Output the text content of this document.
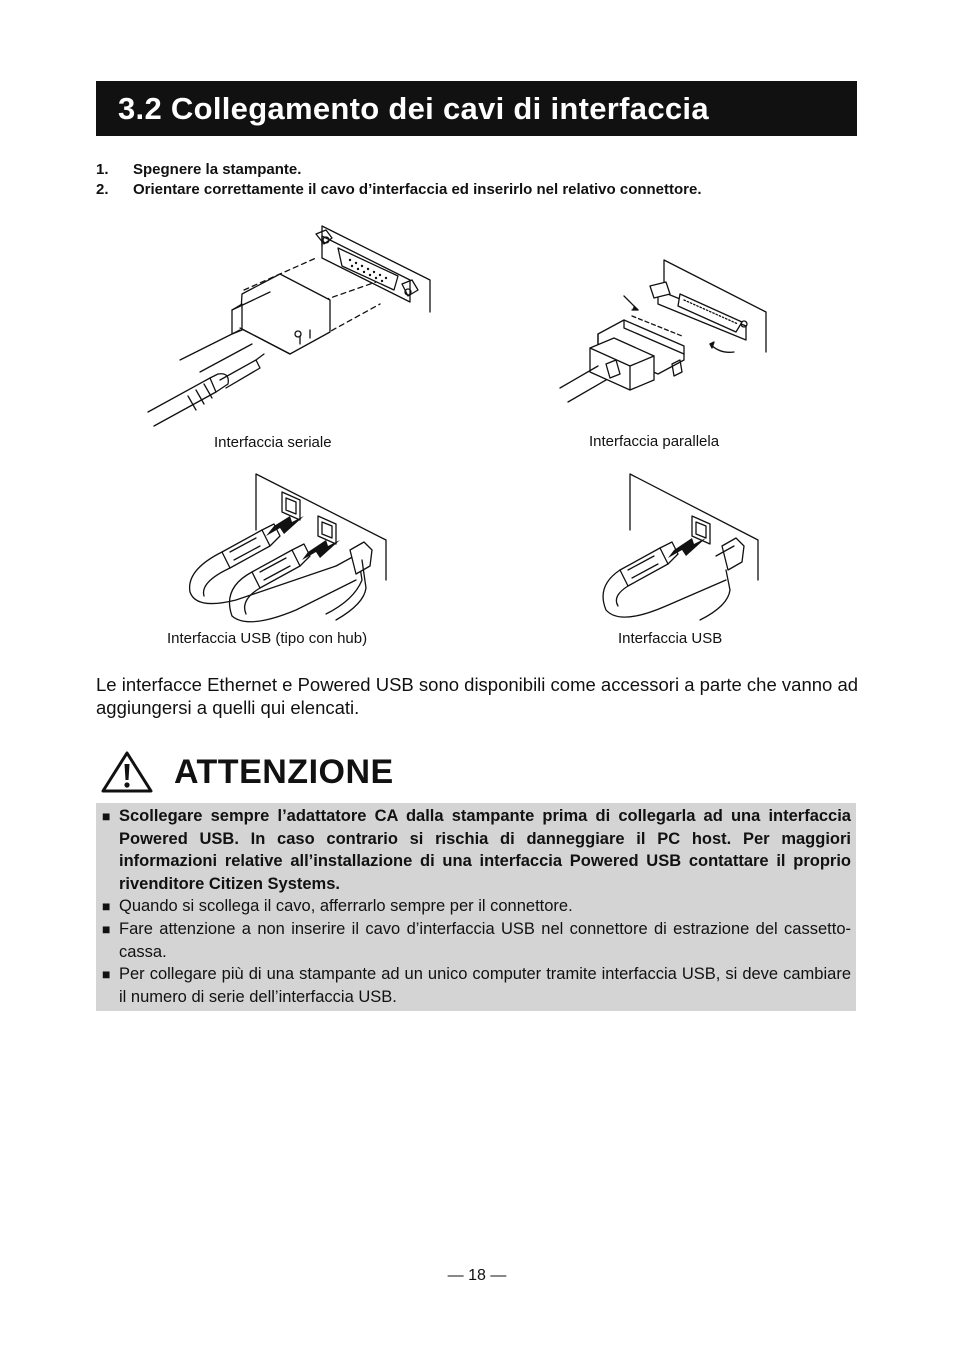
3.2 Collegamento dei cavi di interfaccia
1.	Spegnere la stampante.
2.	Orientare correttamente il cavo d’interfaccia ed inserirlo nel relativo connettore.
Interfaccia seriale	Interfaccia parallela
Interfaccia USB (tipo con hub)	Interfaccia USB

Le interfacce Ethernet e Powered USB sono disponibili come accessori a parte che vanno ad aggiungersi a quelli qui elencati.

ATTENZIONE
■ Scollegare sempre l’adattatore CA dalla stampante prima di collegarla ad una interfaccia Powered USB. In caso contrario si rischia di danneggiare il PC host. Per maggiori informazioni relative all’installazione di una interfaccia Powered USB contattare il proprio rivenditore Citizen Systems.
■ Quando si scollega il cavo, afferrarlo sempre per il connettore.
■ Fare attenzione a non inserire il cavo d’interfaccia USB nel connettore di estrazione del cassetto-cassa.
■ Per collegare più di una stampante ad un unico computer tramite interfaccia USB, si deve cambiare il numero di serie dell’interfaccia USB.
— 18 —
